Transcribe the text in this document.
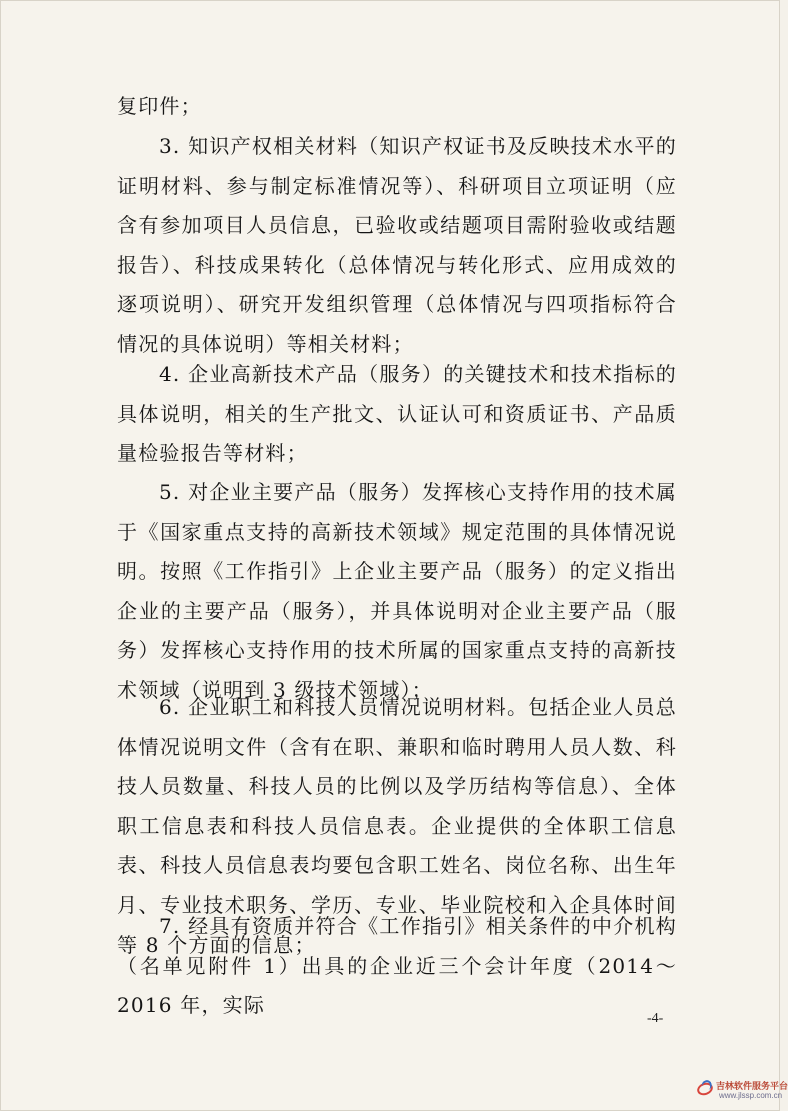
复印件；

3. 知识产权相关材料（知识产权证书及反映技术水平的证明材料、参与制定标准情况等）、科研项目立项证明（应含有参加项目人员信息，已验收或结题项目需附验收或结题报告）、科技成果转化（总体情况与转化形式、应用成效的逐项说明）、研究开发组织管理（总体情况与四项指标符合情况的具体说明）等相关材料；

4. 企业高新技术产品（服务）的关键技术和技术指标的具体说明，相关的生产批文、认证认可和资质证书、产品质量检验报告等材料；

5. 对企业主要产品（服务）发挥核心支持作用的技术属于《国家重点支持的高新技术领域》规定范围的具体情况说明。按照《工作指引》上企业主要产品（服务）的定义指出企业的主要产品（服务），并具体说明对企业主要产品（服务）发挥核心支持作用的技术所属的国家重点支持的高新技术领域（说明到 3 级技术领域）；

6. 企业职工和科技人员情况说明材料。包括企业人员总体情况说明文件（含有在职、兼职和临时聘用人员人数、科技人员数量、科技人员的比例以及学历结构等信息）、全体职工信息表和科技人员信息表。企业提供的全体职工信息表、科技人员信息表均要包含职工姓名、岗位名称、出生年月、专业技术职务、学历、专业、毕业院校和入企具体时间等 8 个方面的信息；

7. 经具有资质并符合《工作指引》相关条件的中介机构（名单见附件 1）出具的企业近三个会计年度（2014～2016 年，实际

-4-
吉林软件服务平台
www.jlssp.com.cn
